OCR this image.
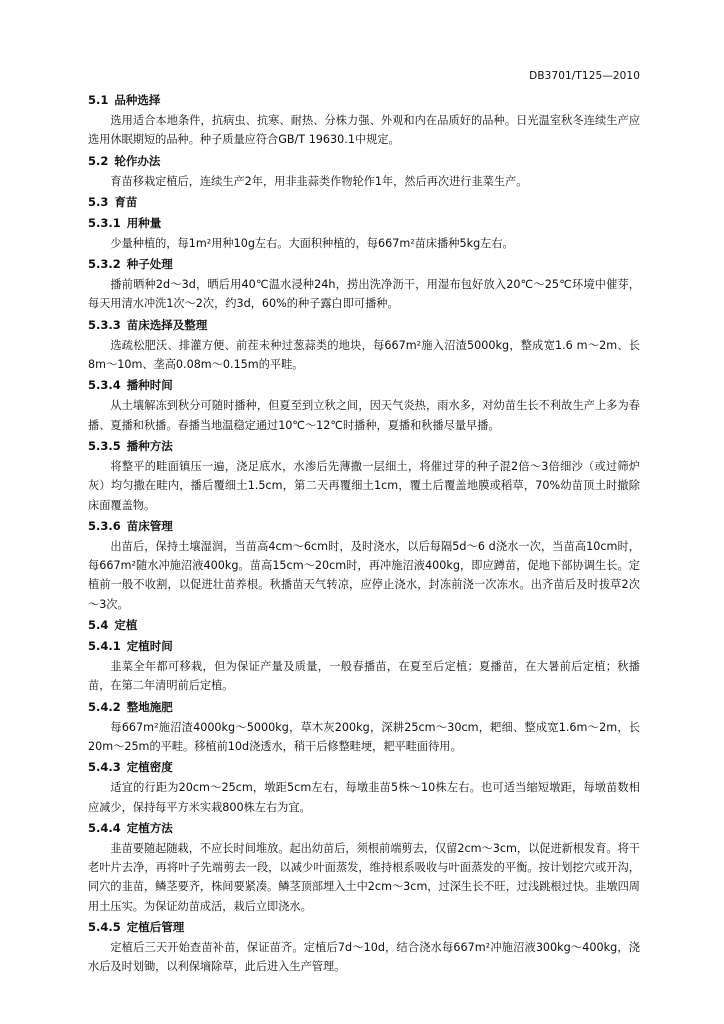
DB3701/T125—2010
5.1 品种选择

选用适合本地条件，抗病虫、抗寒、耐热、分株力强、外观和内在品质好的品种。日光温室秋冬连续生产应选用休眠期短的品种。种子质量应符合GB/T 19630.1中规定。

5.2 轮作办法

育苗移栽定植后，连续生产2年，用非韭蒜类作物轮作1年，然后再次进行韭菜生产。

5.3 育苗
5.3.1 用种量

少量种植的，每1m²用种10g左右。大面积种植的，每667m²苗床播种5kg左右。

5.3.2 种子处理

播前晒种2d～3d，晒后用40℃温水浸种24h，捞出洗净沥干，用湿布包好放入20℃～25℃环境中催芽，每天用清水冲洗1次～2次，约3d，60%的种子露白即可播种。

5.3.3 苗床选择及整理

选疏松肥沃、排灌方便、前茬未种过葱蒜类的地块，每667m²施入沼渣5000kg，整成宽1.6 m～2m、长8m～10m、垄高0.08m～0.15m的平畦。

5.3.4 播种时间

从土壤解冻到秋分可随时播种，但夏至到立秋之间，因天气炎热，雨水多，对幼苗生长不利故生产上多为春播、夏播和秋播。春播当地温稳定通过10℃～12℃时播种，夏播和秋播尽量早播。

5.3.5 播种方法

将整平的畦面镇压一遍，浇足底水，水渗后先薄撒一层细土，将催过芽的种子混2倍～3倍细沙（或过筛炉灰）均匀撒在畦内，播后覆细土1.5cm，第二天再覆细土1cm，覆土后覆盖地膜或稻草，70%幼苗顶土时撤除床面覆盖物。

5.3.6 苗床管理

出苗后，保持土壤湿润，当苗高4cm～6cm时，及时浇水，以后每隔5d～6 d浇水一次，当苗高10cm时，每667m²随水冲施沼液400kg。苗高15cm～20cm时，再冲施沼液400kg，即应蹲苗，促地下部协调生长。定植前一般不收割，以促进壮苗养根。秋播苗天气转凉，应停止浇水，封冻前浇一次冻水。出齐苗后及时拔草2次～3次。

5.4 定植
5.4.1 定植时间

韭菜全年都可移栽，但为保证产量及质量，一般春播苗，在夏至后定植；夏播苗，在大暑前后定植；秋播苗，在第二年清明前后定植。

5.4.2 整地施肥

每667m²施沼渣4000kg～5000kg，草木灰200kg，深耕25cm～30cm，耙细、整成宽1.6m～2m，长20m～25m的平畦。移植前10d浇透水，稍干后修整畦埂，耙平畦面待用。

5.4.3 定植密度

适宜的行距为20cm～25cm，墩距5cm左右，每墩韭苗5株～10株左右。也可适当缩短墩距，每墩苗数相应减少，保持每平方米实栽800株左右为宜。

5.4.4 定植方法

韭苗要随起随栽，不应长时间堆放。起出幼苗后，须根前端剪去，仅留2cm～3cm，以促进新根发育。将干老叶片去净，再将叶子先端剪去一段，以减少叶面蒸发，维持根系吸收与叶面蒸发的平衡。按计划挖穴或开沟，同穴的韭苗，鳞茎要齐，株间要紧凑。鳞茎顶部埋入土中2cm～3cm，过深生长不旺，过浅跳根过快。韭墩四周用土压实。为保证幼苗成活，栽后立即浇水。

5.4.5 定植后管理

定植后三天开始查苗补苗，保证苗齐。定植后7d～10d，结合浇水每667m²冲施沼液300kg～400kg，浇水后及时划锄，以利保墒除草，此后进入生产管理。
